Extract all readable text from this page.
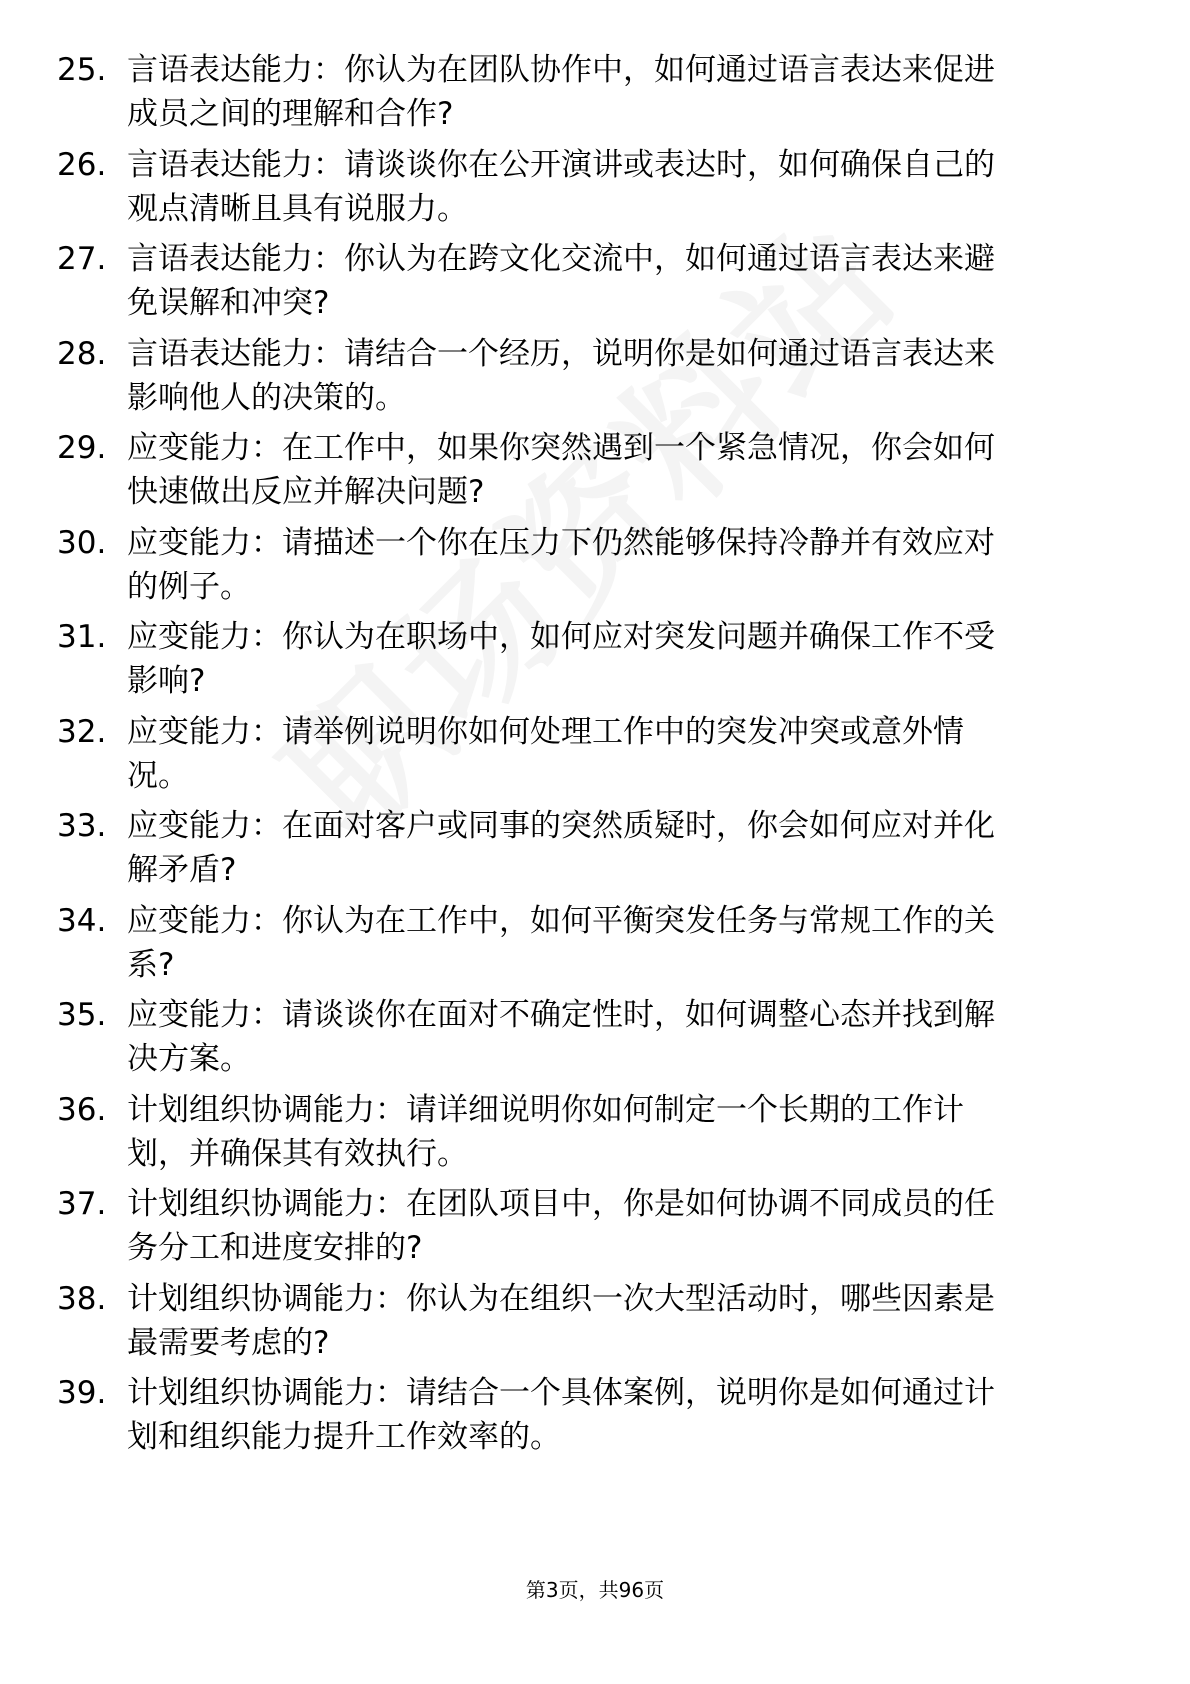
25. 言语表达能力：你认为在团队协作中，如何通过语言表达来促进
成员之间的理解和合作?
26. 言语表达能力：请谈谈你在公开演讲或表达时，如何确保自己的
观点清晰且具有说服力。
27. 言语表达能力：你认为在跨文化交流中，如何通过语言表达来避
免误解和冲突?
28. 言语表达能力：请结合一个经历，说明你是如何通过语言表达来
影响他人的决策的。
29. 应变能力：在工作中，如果你突然遇到一个紧急情况，你会如何
快速做出反应并解决问题?
30. 应变能力：请描述一个你在压力下仍然能够保持冷静并有效应对
的例子。
31. 应变能力：你认为在职场中，如何应对突发问题并确保工作不受
影响?
32. 应变能力：请举例说明你如何处理工作中的突发冲突或意外情
况。
33. 应变能力：在面对客户或同事的突然质疑时，你会如何应对并化
解矛盾?
34. 应变能力：你认为在工作中，如何平衡突发任务与常规工作的关
系?
35. 应变能力：请谈谈你在面对不确定性时，如何调整心态并找到解
决方案。
36. 计划组织协调能力：请详细说明你如何制定一个长期的工作计
划，并确保其有效执行。
37. 计划组织协调能力：在团队项目中，你是如何协调不同成员的任
务分工和进度安排的?
38. 计划组织协调能力：你认为在组织一次大型活动时，哪些因素是
最需要考虑的?
39. 计划组织协调能力：请结合一个具体案例，说明你是如何通过计
划和组织能力提升工作效率的。
第3页，共96页
